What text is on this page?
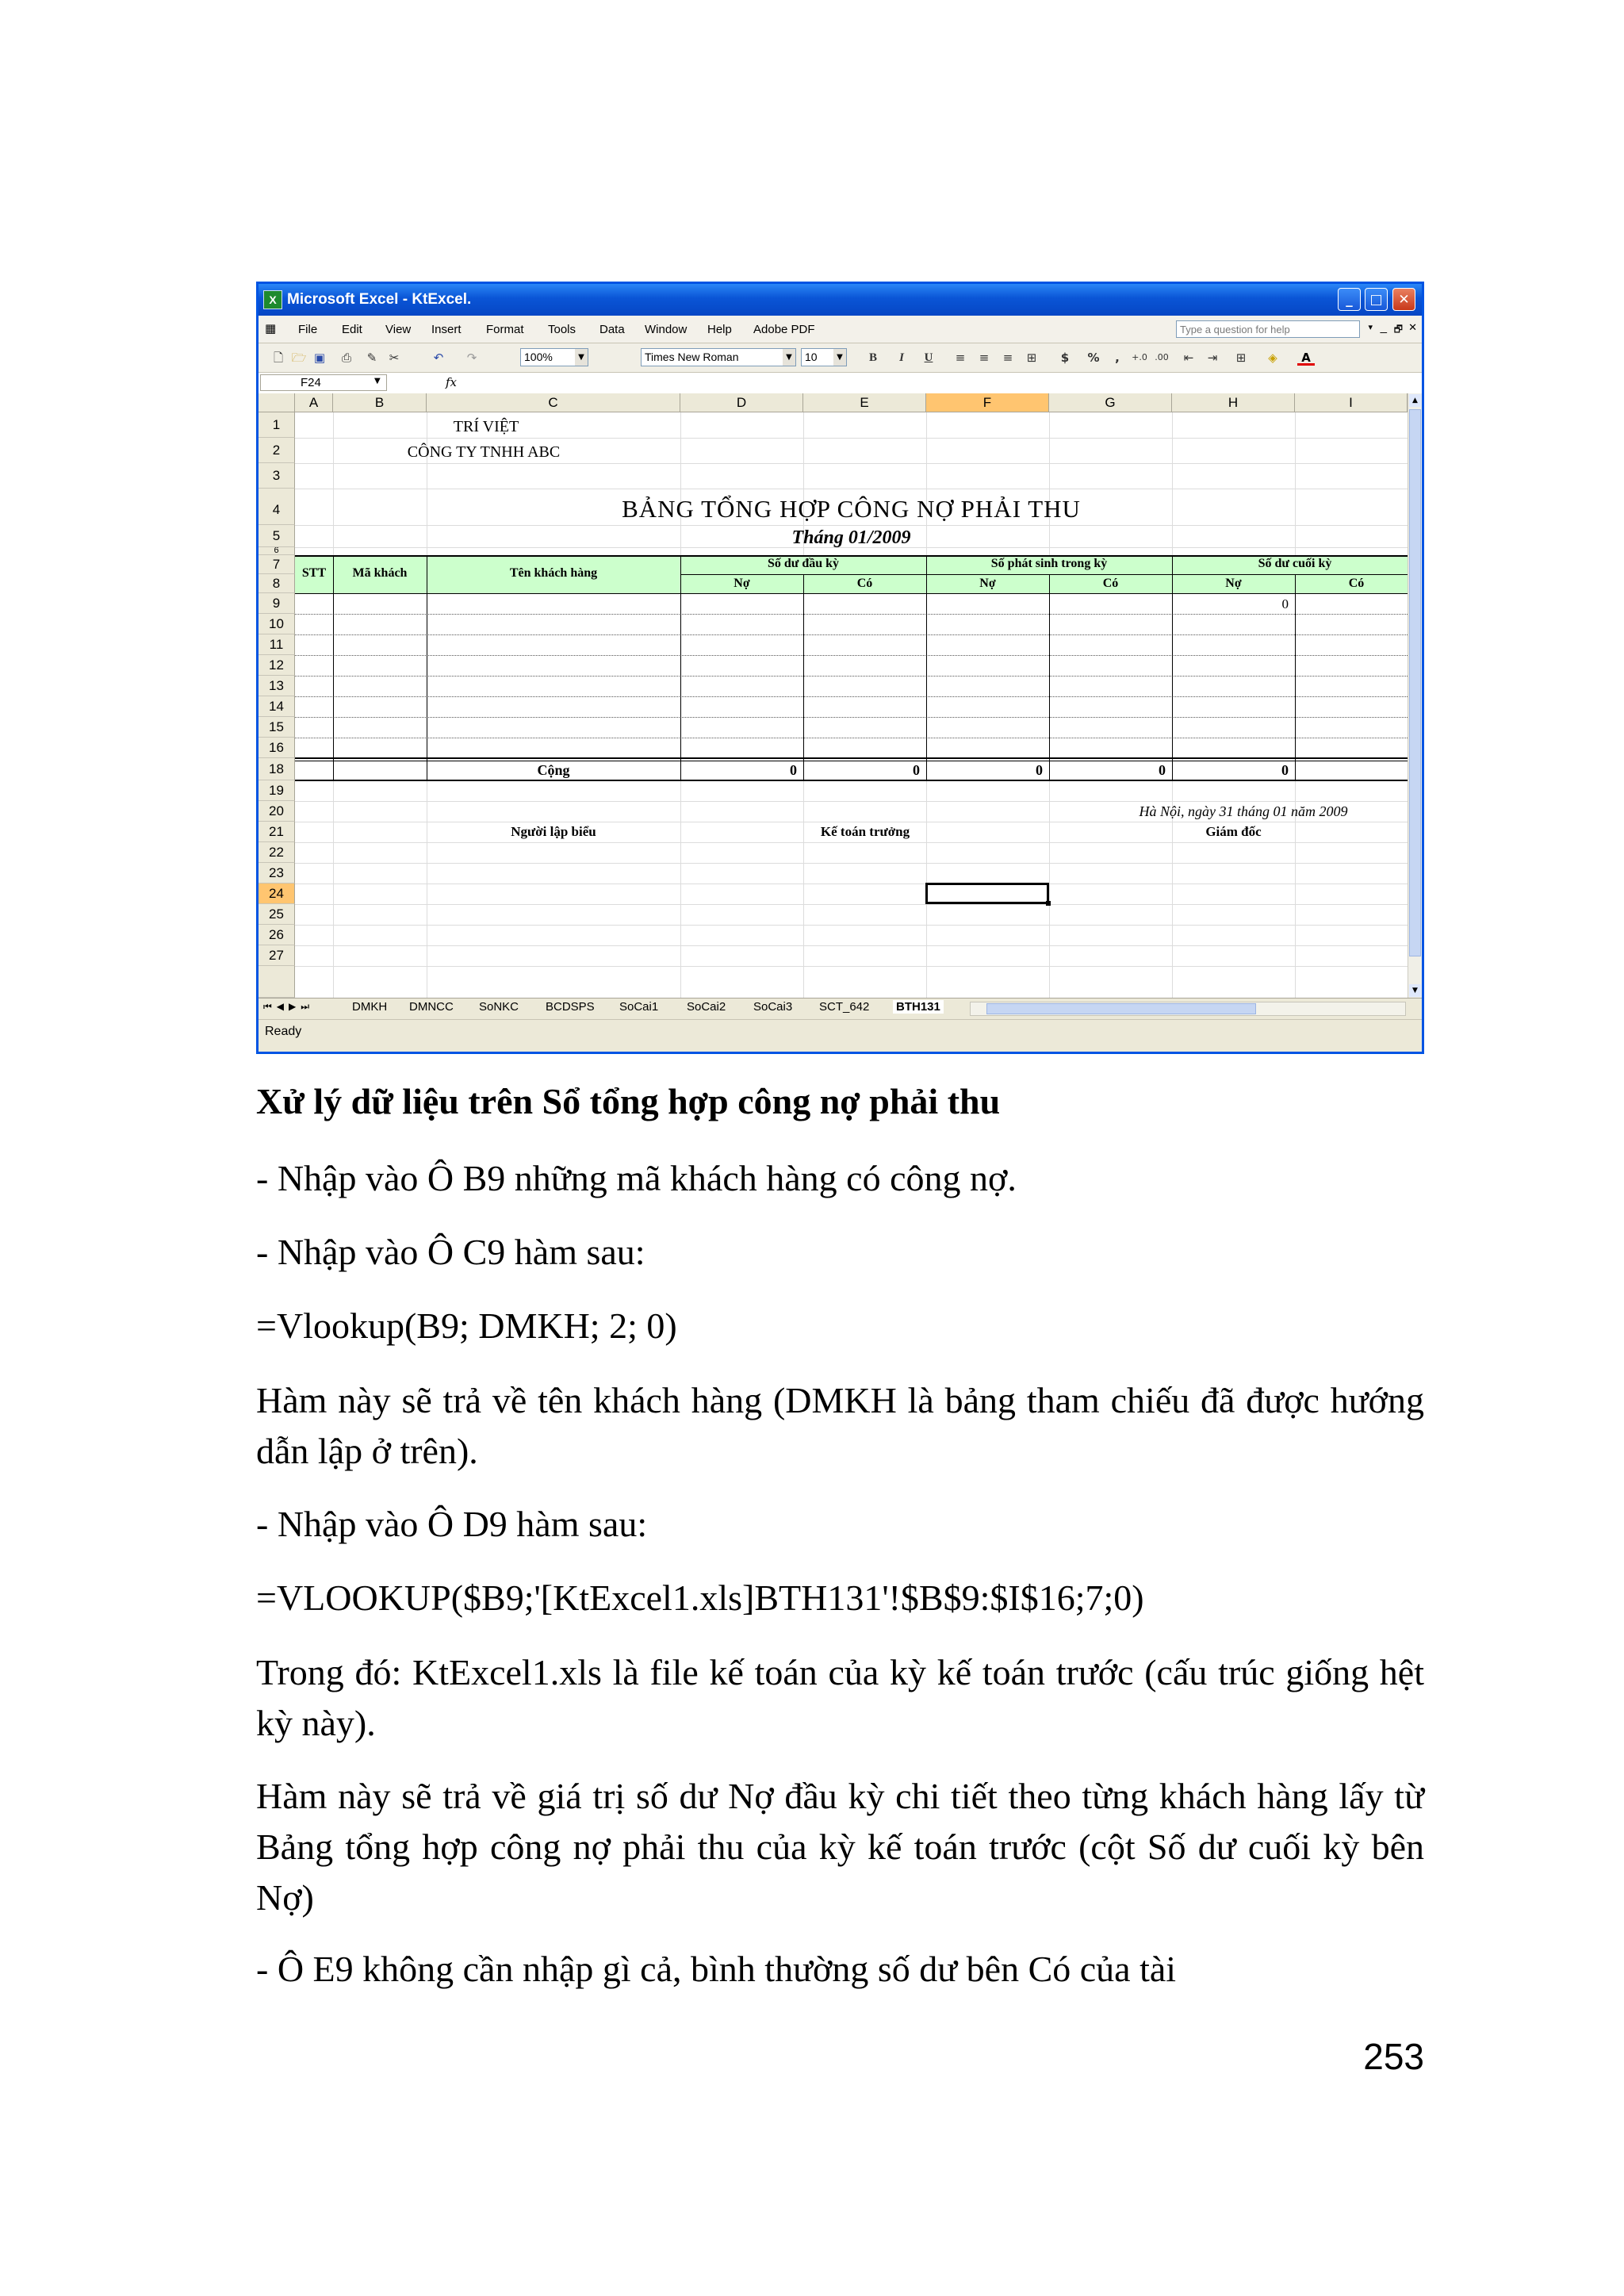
X Microsoft Excel - KtExcel.	_	□	✕
▦ File Edit View Insert Format Tools Data Window Help Adobe PDF	Type a question for help	▾ _ 🗗 ✕
🗋 🗁 ▣	⎙	✎	✂	↶	↷	100%	▼	Times New Roman	▼	10	▼	B	I	U	≡	≡	≡	⊞	$	%	,	+.0 .00	⇤	⇥	⊞	◈	A
F24	▼	fx
A	B	C	D	E	F	G	H	I
1
2
3
4
5
6
7
8
9
10
11
12
13
14
15
16
18
19
20
21
22
23
24
25
26
27
TRÍ VIỆT
CÔNG TY TNHH ABC
BẢNG TỔNG HỢP CÔNG NỢ PHẢI THU
Tháng 01/2009
STT	Mã khách	Tên khách hàng
Số dư đầu kỳ	Số phát sinh trong kỳ	Số dư cuối kỳ
Nợ	Có	Nợ	Có	Nợ	Có
0
Cộng	0	0	0	0	0
Hà Nội, ngày 31 tháng 01 năm 2009
Người lập biểu	Kế toán trưởng	Giám đốc
▲
▼
⏮◀▶⏭	DMKH DMNCC SoNKC BCDSPS SoCai1 SoCai2 SoCai3 SCT_642 BTH131
Ready
Xử lý dữ liệu trên Sổ tổng hợp công nợ phải thu
- Nhập vào Ô B9 những mã khách hàng có công nợ.
- Nhập vào Ô C9 hàm sau:
=Vlookup(B9; DMKH; 2; 0)
Hàm này sẽ trả về tên khách hàng (DMKH là bảng tham chiếu đã được hướng dẫn lập ở trên).
- Nhập vào Ô D9 hàm sau:
=VLOOKUP($B9;'[KtExcel1.xls]BTH131'!$B$9:$I$16;7;0)
Trong đó: KtExcel1.xls là file kế toán của kỳ kế toán trước (cấu trúc giống hệt kỳ này).
Hàm này sẽ trả về giá trị số dư Nợ đầu kỳ chi tiết theo từng khách hàng lấy từ Bảng tổng hợp công nợ phải thu của kỳ kế toán trước (cột Số dư cuối kỳ bên Nợ)
- Ô E9 không cần nhập gì cả, bình thường số dư bên Có của tài
253
